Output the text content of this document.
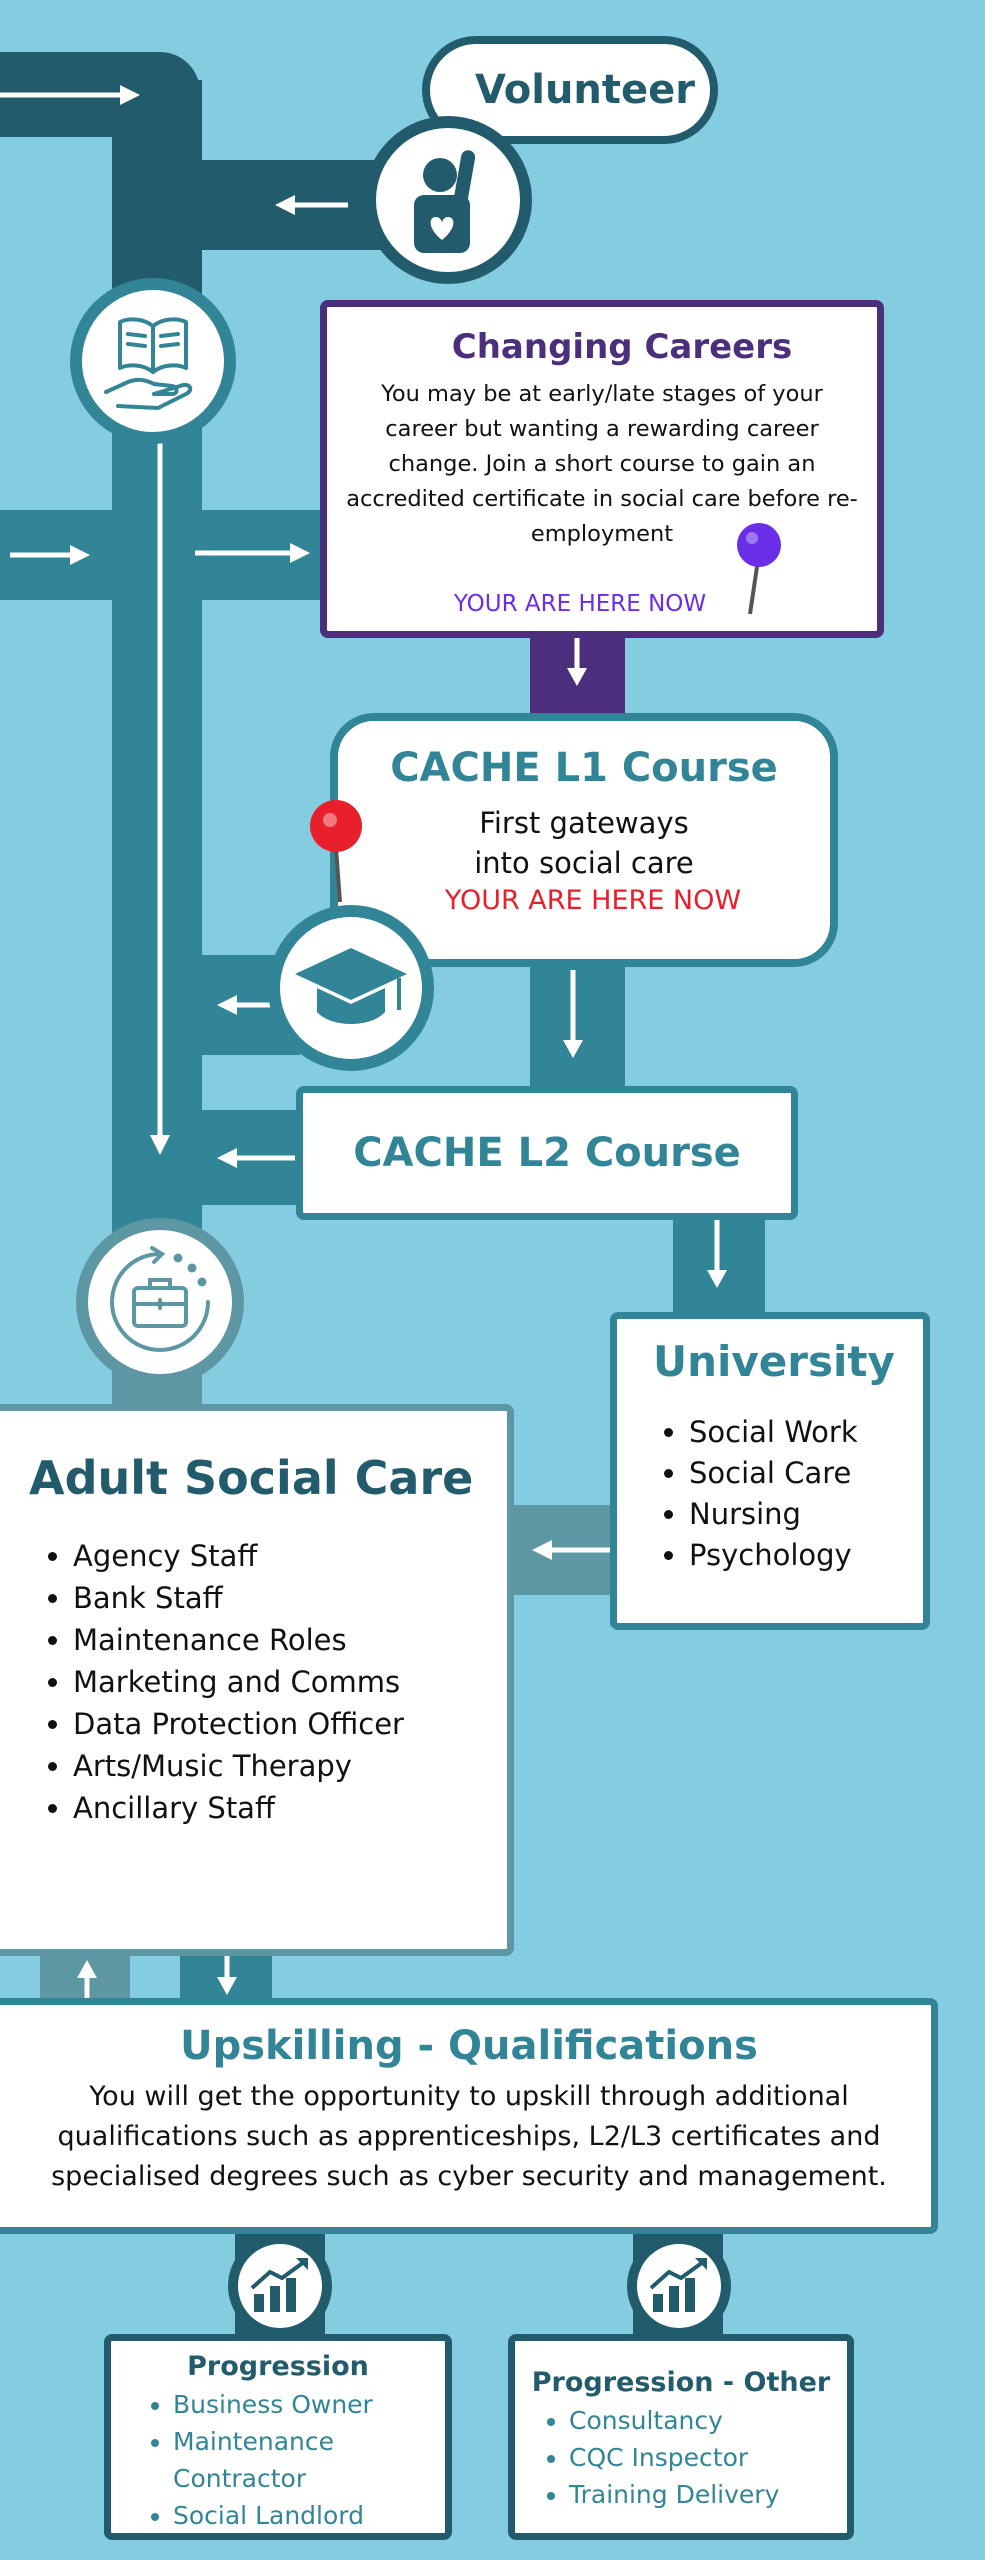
Volunteer
Changing Careers
You may be at early/late stages of your career but wanting a rewarding career change. Join a short course to gain an accredited certificate in social care before re-employment
YOUR ARE HERE NOW
CACHE L1 Course
First gateways
into social care
YOUR ARE HERE NOW
CACHE L2 Course
University
• Social Work
• Social Care
• Nursing
• Psychology
Adult Social Care
• Agency Staff
• Bank Staff
• Maintenance Roles
• Marketing and Comms
• Data Protection Officer
• Arts/Music Therapy
• Ancillary Staff
Upskilling - Qualifications
You will get the opportunity to upskill through additional qualifications such as apprenticeships, L2/L3 certificates and specialised degrees such as cyber security and management.
Progression
• Business Owner
• Maintenance Contractor
• Social Landlord
Progression - Other
• Consultancy
• CQC Inspector
• Training Delivery
